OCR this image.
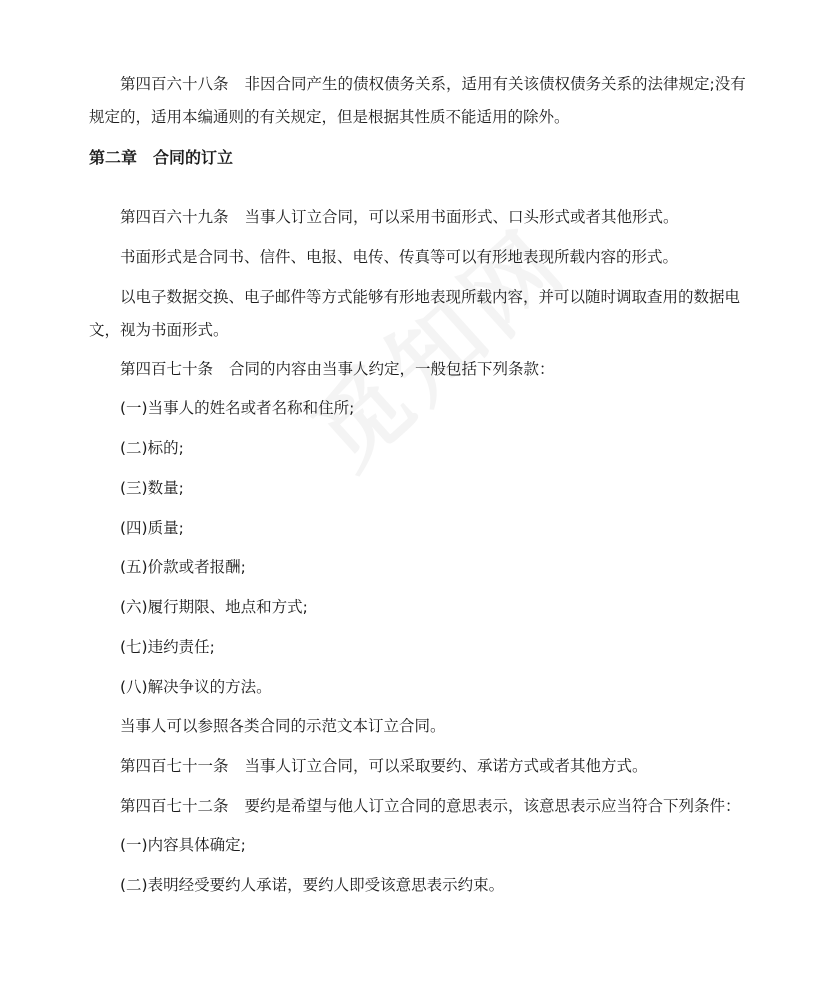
第四百六十八条 非因合同产生的债权债务关系，适用有关该债权债务关系的法律规定;没有规定的，适用本编通则的有关规定，但是根据其性质不能适用的除外。

第二章　合同的订立

第四百六十九条 当事人订立合同，可以采用书面形式、口头形式或者其他形式。

书面形式是合同书、信件、电报、电传、传真等可以有形地表现所载内容的形式。

以电子数据交换、电子邮件等方式能够有形地表现所载内容，并可以随时调取查用的数据电文，视为书面形式。

第四百七十条 合同的内容由当事人约定，一般包括下列条款：

(一)当事人的姓名或者名称和住所;

(二)标的;

(三)数量;

(四)质量;

(五)价款或者报酬;

(六)履行期限、地点和方式;

(七)违约责任;

(八)解决争议的方法。

当事人可以参照各类合同的示范文本订立合同。

第四百七十一条 当事人订立合同，可以采取要约、承诺方式或者其他方式。

第四百七十二条 要约是希望与他人订立合同的意思表示，该意思表示应当符合下列条件：

(一)内容具体确定;

(二)表明经受要约人承诺，要约人即受该意思表示约束。
